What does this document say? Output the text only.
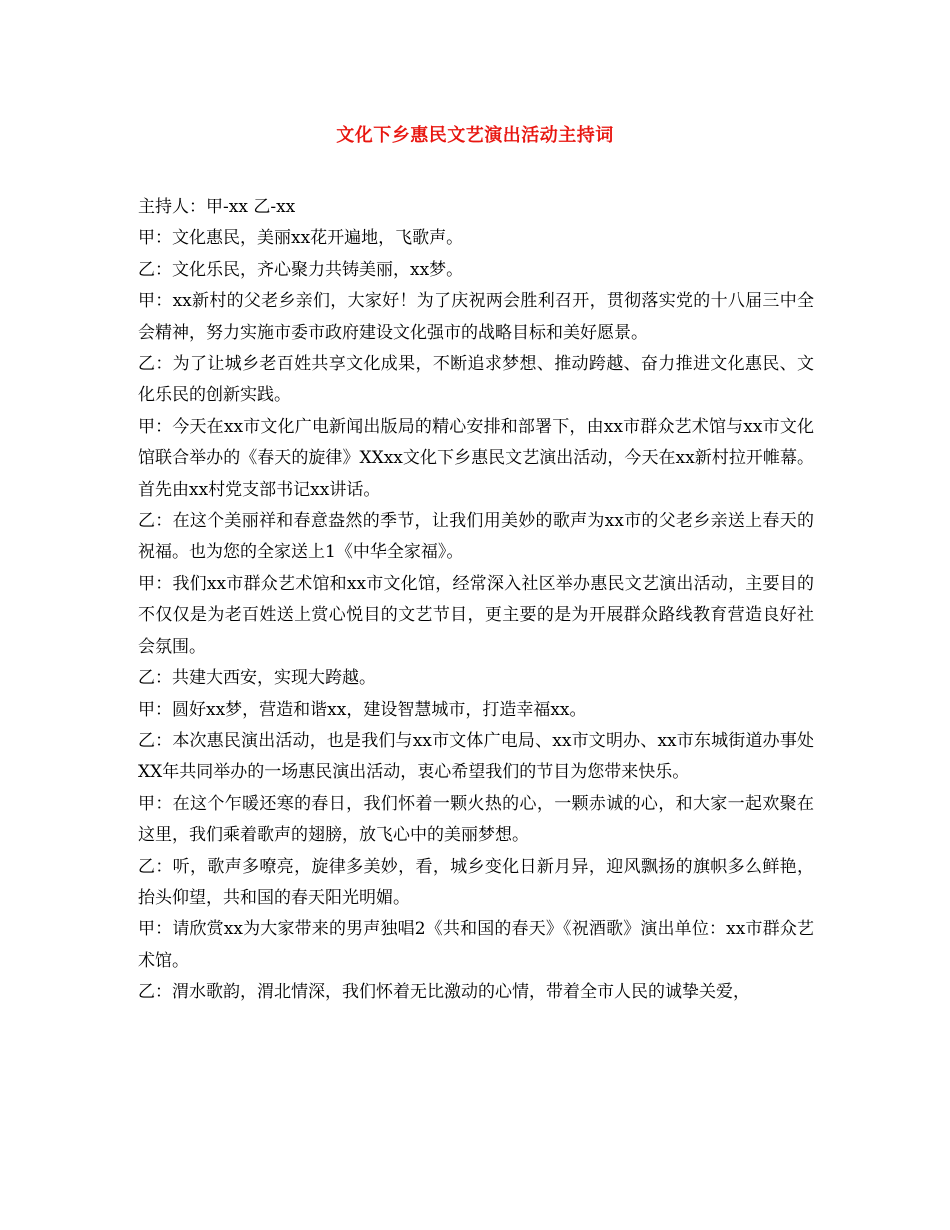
文化下乡惠民文艺演出活动主持词

主持人：甲-xx 乙-xx

甲：文化惠民，美丽xx花开遍地，飞歌声。

乙：文化乐民，齐心聚力共铸美丽，xx梦。

甲：xx新村的父老乡亲们，大家好！为了庆祝两会胜利召开，贯彻落实党的十八届三中全会精神，努力实施市委市政府建设文化强市的战略目标和美好愿景。

乙：为了让城乡老百姓共享文化成果，不断追求梦想、推动跨越、奋力推进文化惠民、文化乐民的创新实践。

甲：今天在xx市文化广电新闻出版局的精心安排和部署下，由xx市群众艺术馆与xx市文化馆联合举办的《春天的旋律》XXxx文化下乡惠民文艺演出活动，今天在xx新村拉开帷幕。首先由xx村党支部书记xx讲话。

乙：在这个美丽祥和春意盎然的季节，让我们用美妙的歌声为xx市的父老乡亲送上春天的祝福。也为您的全家送上1《中华全家福》。

甲：我们xx市群众艺术馆和xx市文化馆，经常深入社区举办惠民文艺演出活动，主要目的不仅仅是为老百姓送上赏心悦目的文艺节目，更主要的是为开展群众路线教育营造良好社会氛围。

乙：共建大西安，实现大跨越。

甲：圆好xx梦，营造和谐xx，建设智慧城市，打造幸福xx。

乙：本次惠民演出活动，也是我们与xx市文体广电局、xx市文明办、xx市东城街道办事处XX年共同举办的一场惠民演出活动，衷心希望我们的节目为您带来快乐。

甲：在这个乍暖还寒的春日，我们怀着一颗火热的心，一颗赤诚的心，和大家一起欢聚在这里，我们乘着歌声的翅膀，放飞心中的美丽梦想。

乙：听，歌声多嘹亮，旋律多美妙，看，城乡变化日新月异，迎风飘扬的旗帜多么鲜艳，抬头仰望，共和国的春天阳光明媚。

甲：请欣赏xx为大家带来的男声独唱2《共和国的春天》《祝酒歌》演出单位：xx市群众艺术馆。

乙：渭水歌韵，渭北情深，我们怀着无比激动的心情，带着全市人民的诚挚关爱，
